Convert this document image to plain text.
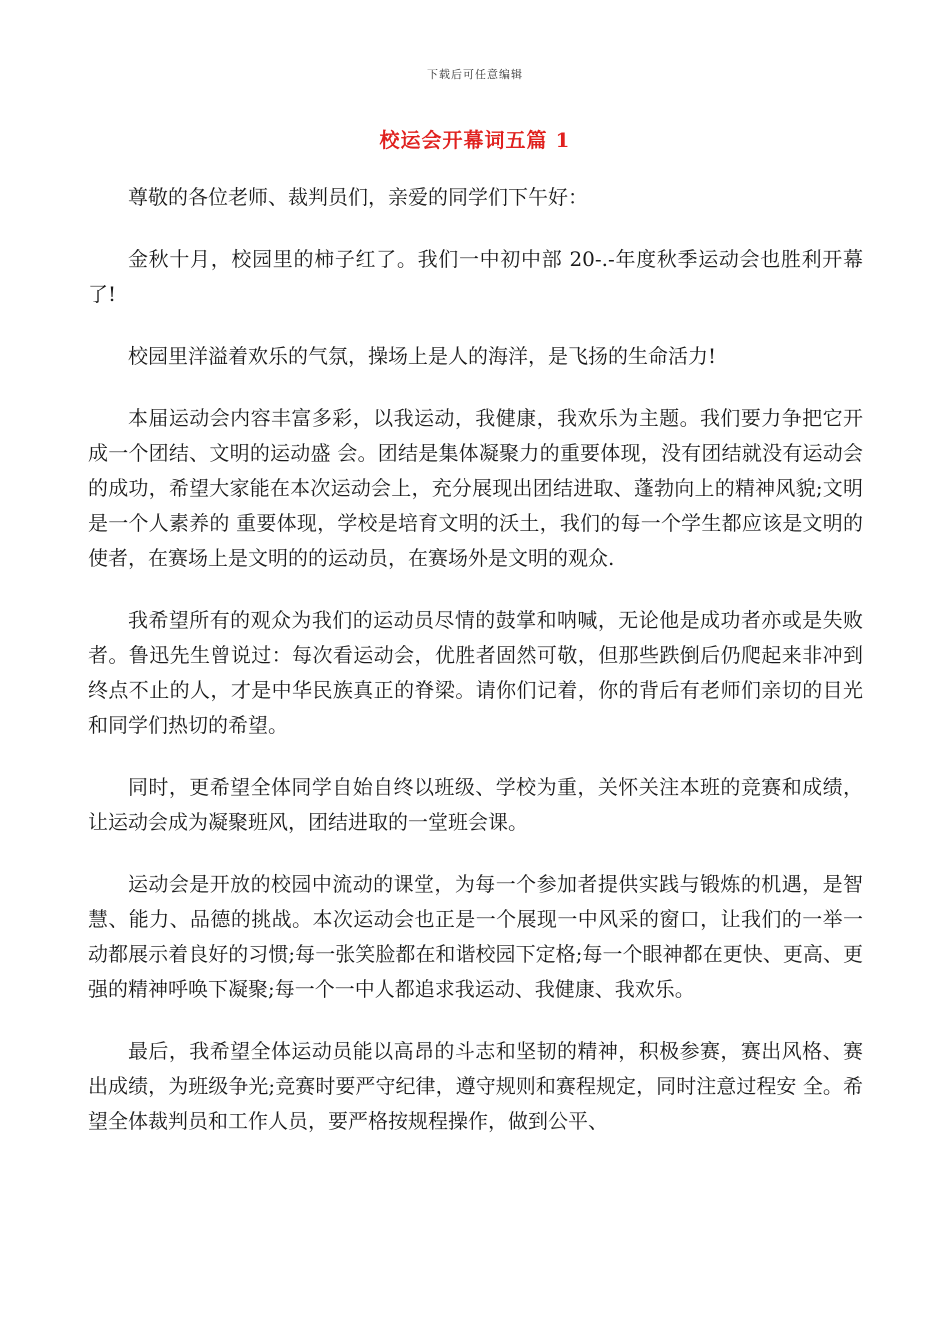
下载后可任意编辑
校运会开幕词五篇 1

尊敬的各位老师、裁判员们，亲爱的同学们下午好：

金秋十月，校园里的柿子红了。我们一中初中部 20-.-年度秋季运动会也胜利开幕了!

校园里洋溢着欢乐的气氛，操场上是人的海洋，是飞扬的生命活力!

本届运动会内容丰富多彩，以我运动，我健康，我欢乐为主题。我们要力争把它开成一个团结、文明的运动盛 会。团结是集体凝聚力的重要体现，没有团结就没有运动会的成功，希望大家能在本次运动会上，充分展现出团结进取、蓬勃向上的精神风貌;文明是一个人素养的 重要体现，学校是培育文明的沃土，我们的每一个学生都应该是文明的使者，在赛场上是文明的的运动员，在赛场外是文明的观众.

我希望所有的观众为我们的运动员尽情的鼓掌和呐喊，无论他是成功者亦或是失败者。鲁迅先生曾说过：每次看运动会，优胜者固然可敬，但那些跌倒后仍爬起来非冲到终点不止的人，才是中华民族真正的脊梁。请你们记着，你的背后有老师们亲切的目光和同学们热切的希望。

同时，更希望全体同学自始自终以班级、学校为重，关怀关注本班的竞赛和成绩，让运动会成为凝聚班风，团结进取的一堂班会课。

运动会是开放的校园中流动的课堂，为每一个参加者提供实践与锻炼的机遇，是智慧、能力、品德的挑战。本次运动会也正是一个展现一中风采的窗口，让我们的一举一动都展示着良好的习惯;每一张笑脸都在和谐校园下定格;每一个眼神都在更快、更高、更强的精神呼唤下凝聚;每一个一中人都追求我运动、我健康、我欢乐。

最后，我希望全体运动员能以高昂的斗志和坚韧的精神，积极参赛，赛出风格、赛出成绩，为班级争光;竞赛时要严守纪律，遵守规则和赛程规定，同时注意过程安 全。希望全体裁判员和工作人员，要严格按规程操作，做到公平、
